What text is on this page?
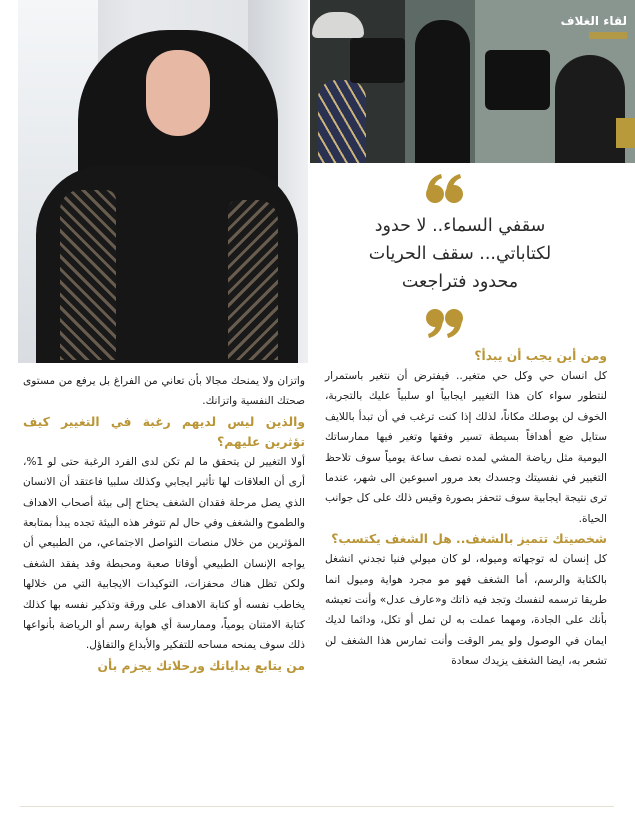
لقاء الغلاف
سقفي السماء.. لا حدود
لكتاباتي... سقف الحريات
محدود فتراجعت
ومن أين يجب أن يبدأ؟

كل انسان حي وكل حي متغير.. فيفترض أن نتغير باستمرار لنتطور سواء كان هذا التغيير ايجابياً او سلبياً عليك بالتجربة، الخوف لن يوصلك مكاناً، لذلك إذا كنت ترغب في أن تبدأ باللايف ستايل ضع أهدافاً بسيطة تسير وفقها وتغير فيها ممارساتك اليومية مثل رياضة المشي لمده نصف ساعة يومياً سوف تلاحظ التغيير في نفسيتك وجسدك بعد مرور اسبوعين الى شهر، عندما ترى نتيجة ايجابية سوف تتحفز بصورة وقيس ذلك على كل جوانب الحياة.

شخصيتك تتميز بالشغف.. هل الشغف يكتسب؟

كل إنسان له توجهاته وميوله، لو كان ميولي فنيا تجدني انشغل بالكتابة والرسم، أما الشغف فهو مو مجرد هواية وميول انما طريقا ترسمه لنفسك وتجد فيه ذاتك و«عارف عدل» وأنت تعيشه بأنك على الجادة، ومهما عملت به لن تمل أو تكل، ودائما لديك ايمان في الوصول ولو يمر الوقت وأنت تمارس هذا الشغف لن تشعر به، ايضا الشغف يزيدك سعادة

واتزان ولا يمنحك مجالا بأن تعاني من الفراغ بل يرفع من مستوى صحتك النفسية واتزانك.

والذين ليس لديهم رغبة في التغيير كيف تؤثرين عليهم؟

أولا التغيير لن يتحقق ما لم تكن لدى الفرد الرغبة حتى لو 1%، أرى أن العلاقات لها تأثير ايجابي وكذلك سلبيا فاعتقد أن الانسان الذي يصل مرحلة فقدان الشغف يحتاج إلى بيئة أصحاب الاهداف والطموح والشغف وفي حال لم تتوفر هذه البيئة تجده يبدأ بمتابعة المؤثرين من خلال منصات التواصل الاجتماعي، من الطبيعي أن يواجه الإنسان الطبيعي أوقاتا صعبة ومحبطة وقد يفقد الشغف ولكن تظل هناك محفزات، التوكيدات الايجابية التي من خلالها يخاطب نفسه أو كتابة الاهداف على ورقة وتذكير نفسه بها كذلك كتابة الامتنان يومياً، وممارسة أي هواية رسم أو الرياضة بأنواعها ذلك سوف يمنحه مساحه للتفكير والأبداع والتفاؤل.

من يتابع بداياتك ورحلاتك يجزم بأن
